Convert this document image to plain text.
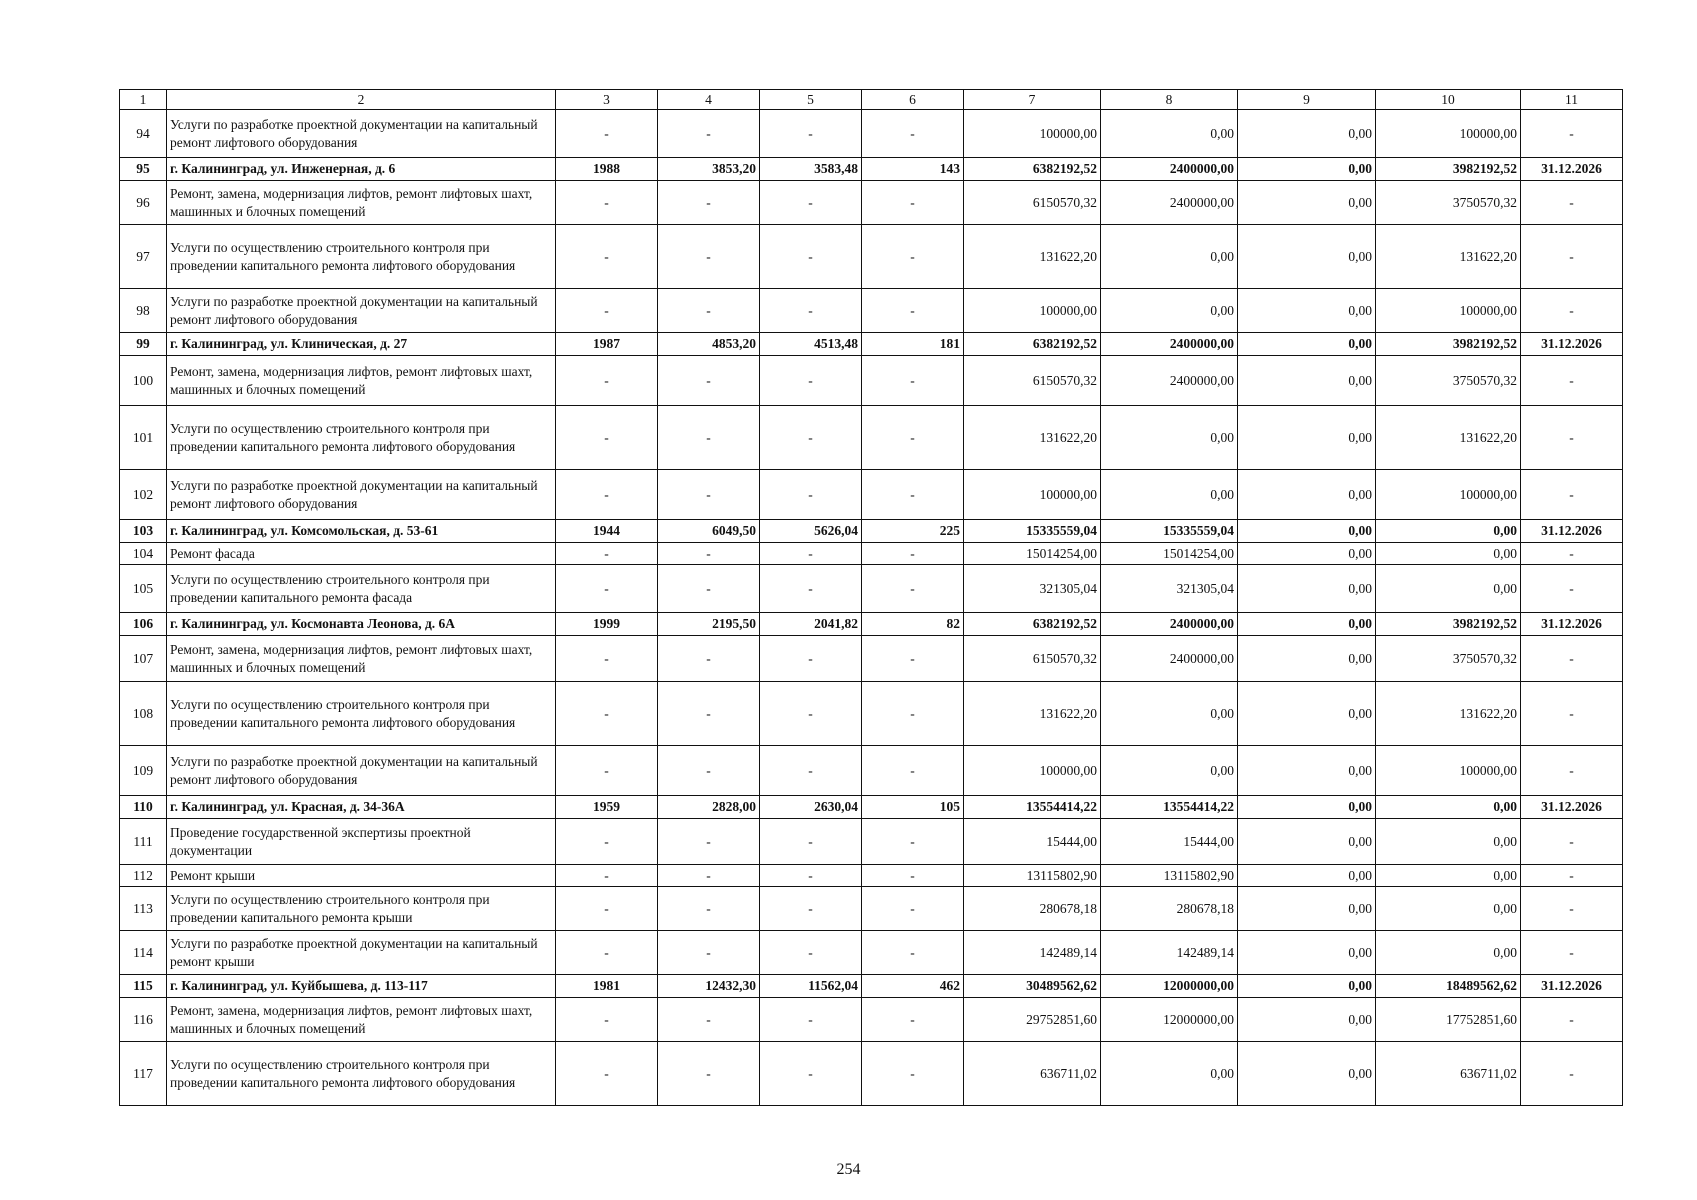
1	2	3	4	5	6	7	8	9	10	11
94	Услуги по разработке проектной документации на капитальный ремонт лифтового оборудования	-	-	-	-	100000,00	0,00	0,00	100000,00	-
95	г. Калининград, ул. Инженерная, д. 6	1988	3853,20	3583,48	143	6382192,52	2400000,00	0,00	3982192,52	31.12.2026
96	Ремонт, замена, модернизация лифтов, ремонт лифтовых шахт, машинных и блочных помещений	-	-	-	-	6150570,32	2400000,00	0,00	3750570,32	-
97	Услуги по осуществлению строительного контроля при проведении капитального ремонта лифтового оборудования	-	-	-	-	131622,20	0,00	0,00	131622,20	-
98	Услуги по разработке проектной документации на капитальный ремонт лифтового оборудования	-	-	-	-	100000,00	0,00	0,00	100000,00	-
99	г. Калининград, ул. Клиническая, д. 27	1987	4853,20	4513,48	181	6382192,52	2400000,00	0,00	3982192,52	31.12.2026
100	Ремонт, замена, модернизация лифтов, ремонт лифтовых шахт, машинных и блочных помещений	-	-	-	-	6150570,32	2400000,00	0,00	3750570,32	-
101	Услуги по осуществлению строительного контроля при проведении капитального ремонта лифтового оборудования	-	-	-	-	131622,20	0,00	0,00	131622,20	-
102	Услуги по разработке проектной документации на капитальный ремонт лифтового оборудования	-	-	-	-	100000,00	0,00	0,00	100000,00	-
103	г. Калининград, ул. Комсомольская, д. 53-61	1944	6049,50	5626,04	225	15335559,04	15335559,04	0,00	0,00	31.12.2026
104	Ремонт фасада	-	-	-	-	15014254,00	15014254,00	0,00	0,00	-
105	Услуги по осуществлению строительного контроля при проведении капитального ремонта фасада	-	-	-	-	321305,04	321305,04	0,00	0,00	-
106	г. Калининград, ул. Космонавта Леонова, д. 6А	1999	2195,50	2041,82	82	6382192,52	2400000,00	0,00	3982192,52	31.12.2026
107	Ремонт, замена, модернизация лифтов, ремонт лифтовых шахт, машинных и блочных помещений	-	-	-	-	6150570,32	2400000,00	0,00	3750570,32	-
108	Услуги по осуществлению строительного контроля при проведении капитального ремонта лифтового оборудования	-	-	-	-	131622,20	0,00	0,00	131622,20	-
109	Услуги по разработке проектной документации на капитальный ремонт лифтового оборудования	-	-	-	-	100000,00	0,00	0,00	100000,00	-
110	г. Калининград, ул. Красная, д. 34-36А	1959	2828,00	2630,04	105	13554414,22	13554414,22	0,00	0,00	31.12.2026
111	Проведение государственной экспертизы проектной документации	-	-	-	-	15444,00	15444,00	0,00	0,00	-
112	Ремонт крыши	-	-	-	-	13115802,90	13115802,90	0,00	0,00	-
113	Услуги по осуществлению строительного контроля при проведении капитального ремонта крыши	-	-	-	-	280678,18	280678,18	0,00	0,00	-
114	Услуги по разработке проектной документации на капитальный ремонт крыши	-	-	-	-	142489,14	142489,14	0,00	0,00	-
115	г. Калининград, ул. Куйбышева, д. 113-117	1981	12432,30	11562,04	462	30489562,62	12000000,00	0,00	18489562,62	31.12.2026
116	Ремонт, замена, модернизация лифтов, ремонт лифтовых шахт, машинных и блочных помещений	-	-	-	-	29752851,60	12000000,00	0,00	17752851,60	-
117	Услуги по осуществлению строительного контроля при проведении капитального ремонта лифтового оборудования	-	-	-	-	636711,02	0,00	0,00	636711,02	-
254
